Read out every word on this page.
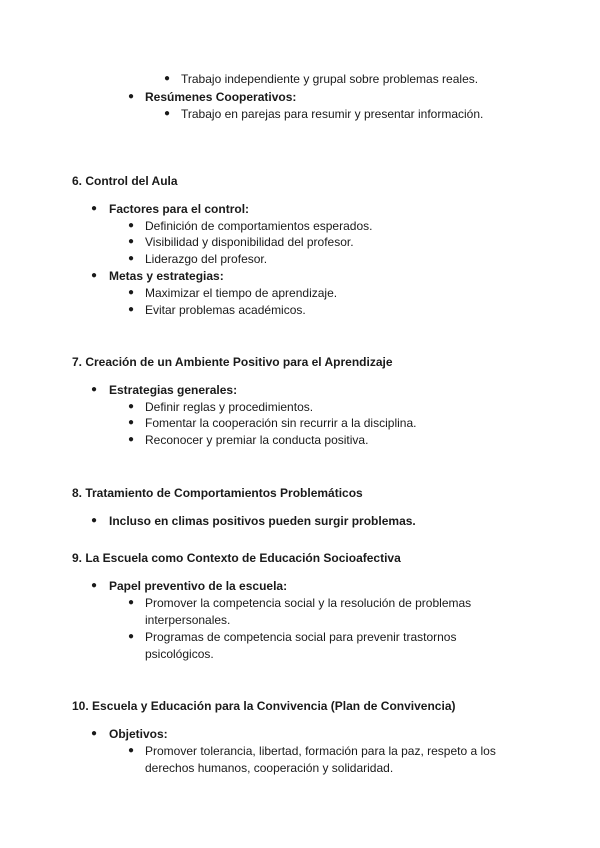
● Trabajo independiente y grupal sobre problemas reales.
● Resúmenes Cooperativos:
● Trabajo en parejas para resumir y presentar información.
6. Control del Aula
● Factores para el control:
● Definición de comportamientos esperados.
● Visibilidad y disponibilidad del profesor.
● Liderazgo del profesor.
● Metas y estrategias:
● Maximizar el tiempo de aprendizaje.
● Evitar problemas académicos.
7. Creación de un Ambiente Positivo para el Aprendizaje
● Estrategias generales:
● Definir reglas y procedimientos.
● Fomentar la cooperación sin recurrir a la disciplina.
● Reconocer y premiar la conducta positiva.
8. Tratamiento de Comportamientos Problemáticos
● Incluso en climas positivos pueden surgir problemas.
9. La Escuela como Contexto de Educación Socioafectiva
● Papel preventivo de la escuela:
● Promover la competencia social y la resolución de problemas
interpersonales.
● Programas de competencia social para prevenir trastornos
psicológicos.
10. Escuela y Educación para la Convivencia (Plan de Convivencia)
● Objetivos:
● Promover tolerancia, libertad, formación para la paz, respeto a los
derechos humanos, cooperación y solidaridad.
